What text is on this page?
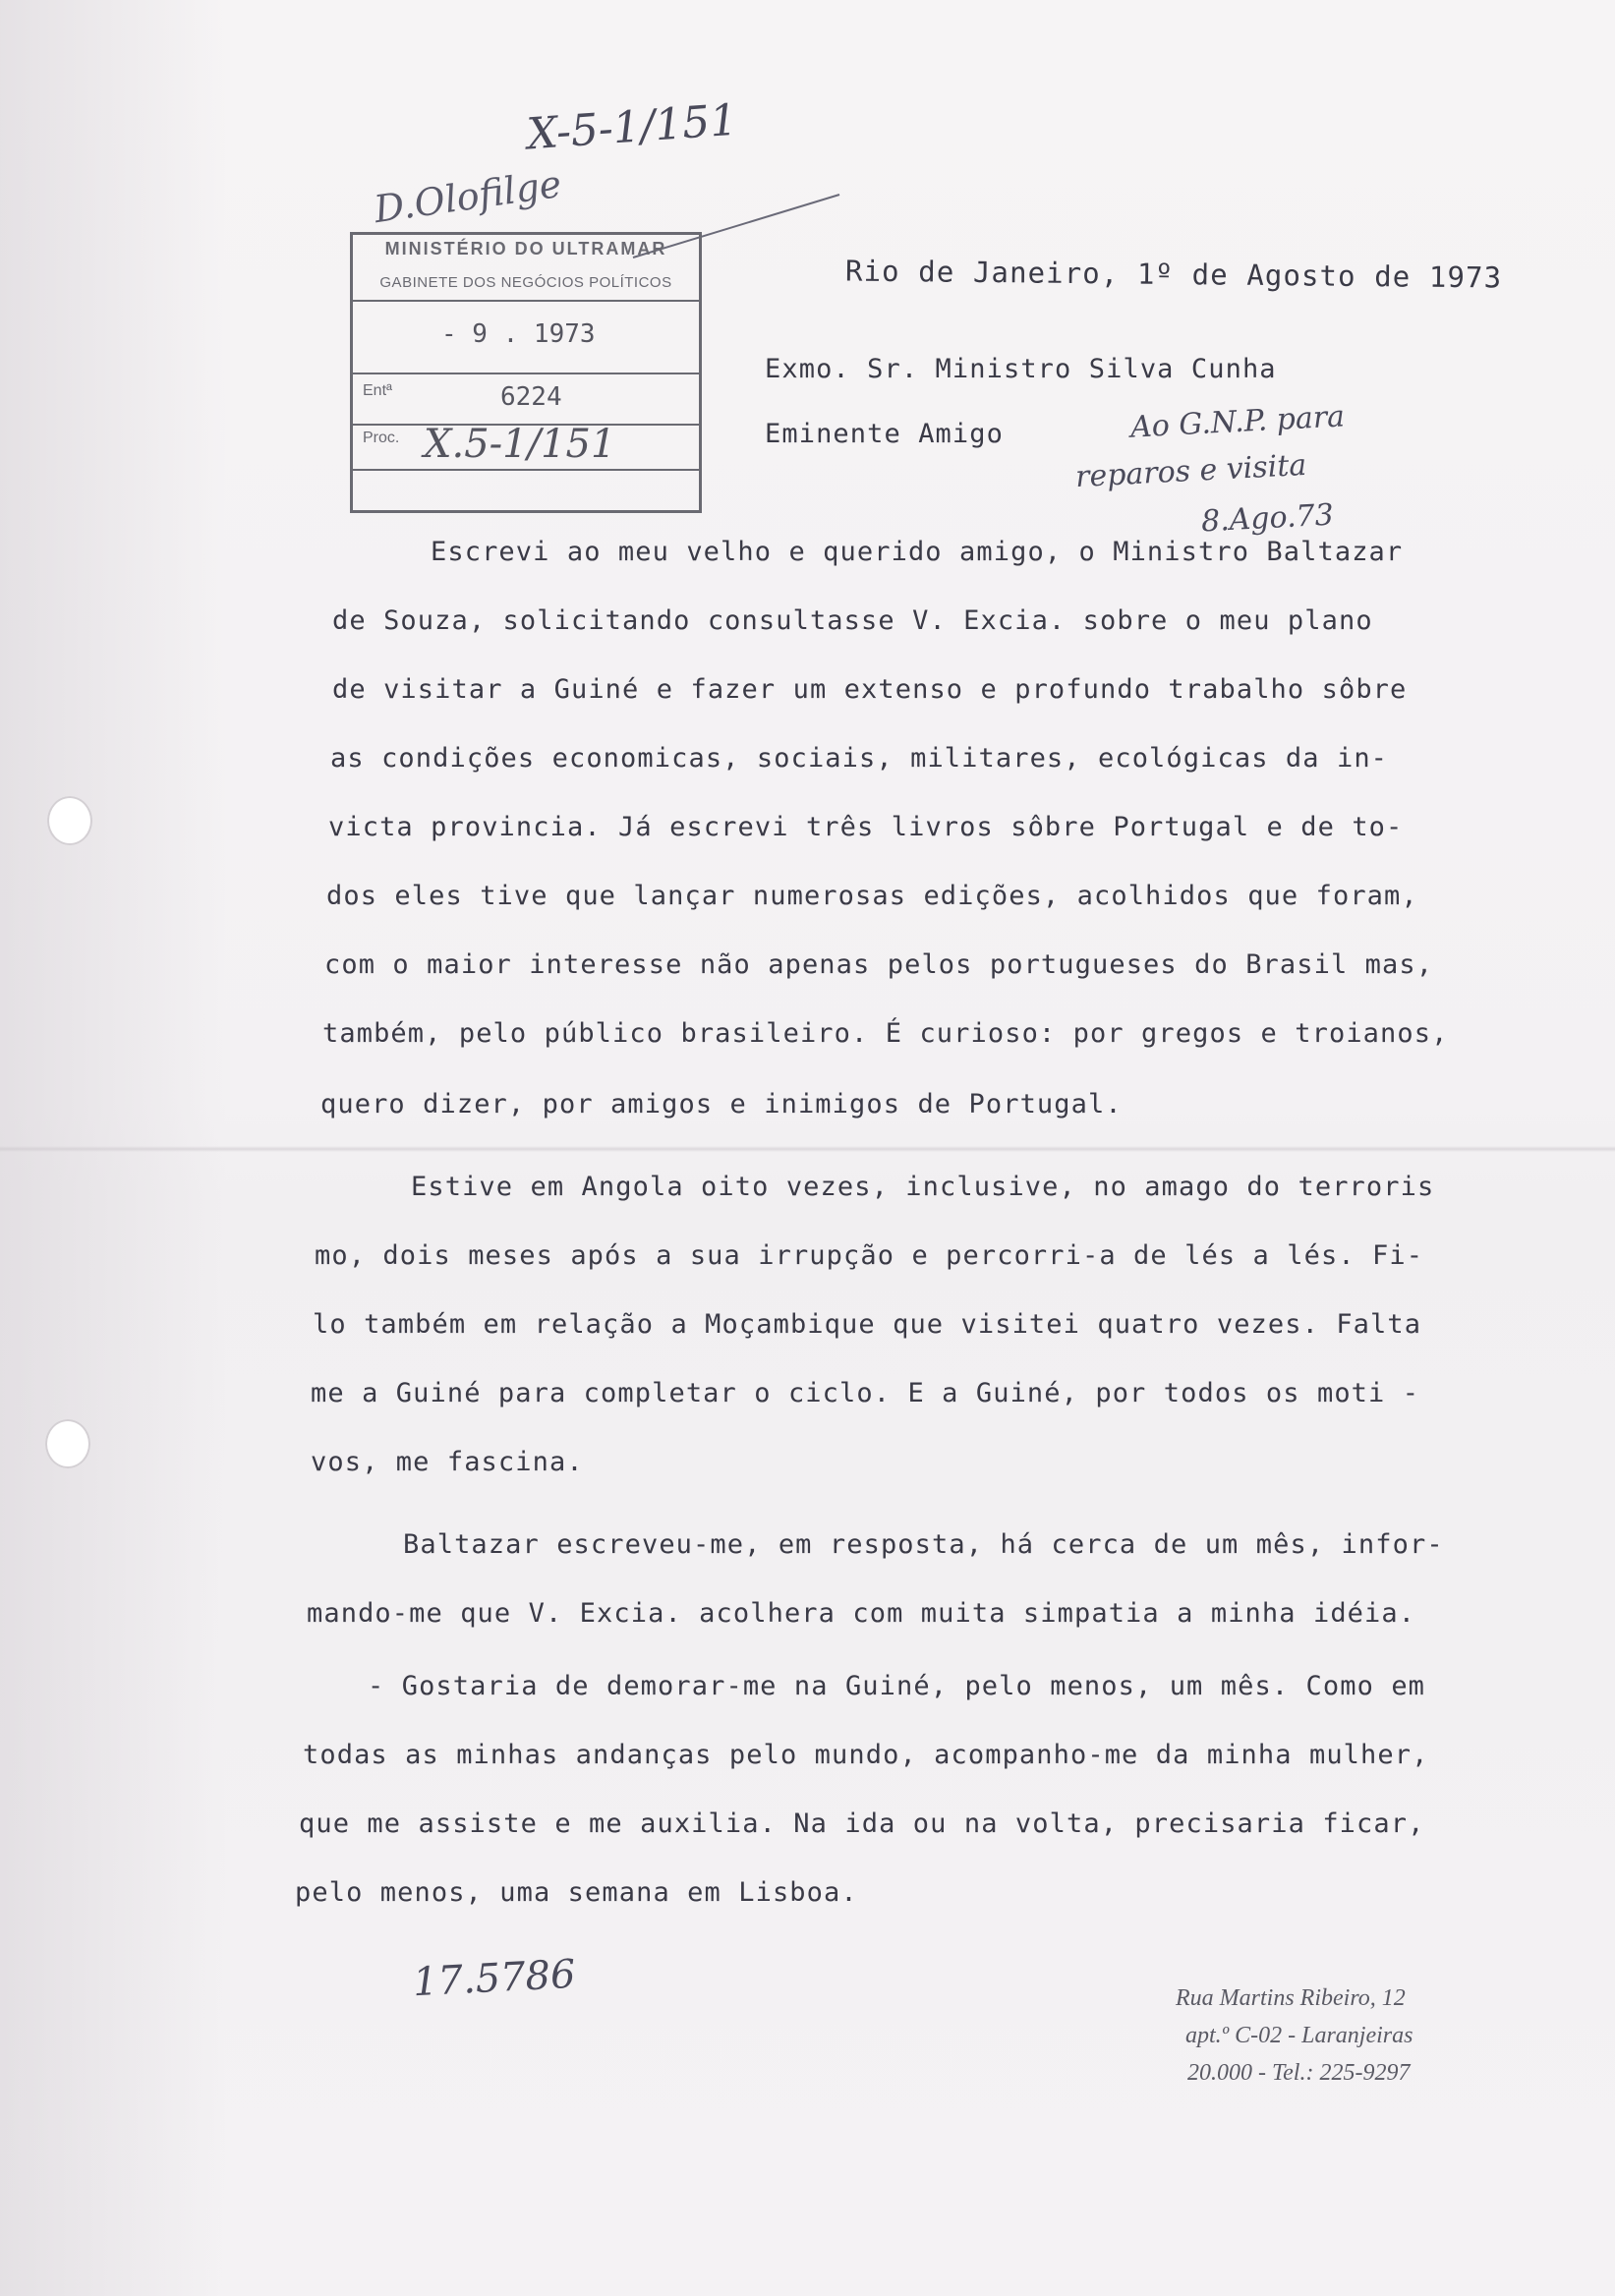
X-5-1/151
D.Olofilge
MINISTÉRIO DO ULTRAMAR
GABINETE DOS NEGÓCIOS POLÍTICOS
- 9 . 1973
Entª	6224
Proc. X.5-1/151
Rio de Janeiro, 1º de Agosto de 1973
Exmo. Sr. Ministro Silva Cunha
Eminente Amigo	Ao G.N.P. para
reparos e visita
8.Ago.73
Escrevi ao meu velho e querido amigo, o Ministro Baltazar
de Souza, solicitando consultasse V. Excia. sobre o meu plano
de visitar a Guiné e fazer um extenso e profundo trabalho sôbre
as condições economicas, sociais, militares, ecológicas da in-
victa provincia. Já escrevi três livros sôbre Portugal e de to-
dos eles tive que lançar numerosas edições, acolhidos que foram,
com o maior interesse não apenas pelos portugueses do Brasil mas,
também, pelo público brasileiro. É curioso: por gregos e troianos,
quero dizer, por amigos e inimigos de Portugal.
Estive em Angola oito vezes, inclusive, no amago do terroris
mo, dois meses após a sua irrupção e percorri-a de lés a lés. Fi-
lo também em relação a Moçambique que visitei quatro vezes. Falta
me a Guiné para completar o ciclo. E a Guiné, por todos os moti -
vos, me fascina.
Baltazar escreveu-me, em resposta, há cerca de um mês, infor-
mando-me que V. Excia. acolhera com muita simpatia a minha idéia.
- Gostaria de demorar-me na Guiné, pelo menos, um mês. Como em
todas as minhas andanças pelo mundo, acompanho-me da minha mulher,
que me assiste e me auxilia. Na ida ou na volta, precisaria ficar,
pelo menos, uma semana em Lisboa.
17.5786	Rua Martins Ribeiro, 12
apt.º C-02 - Laranjeiras
20.000 - Tel.: 225-9297
